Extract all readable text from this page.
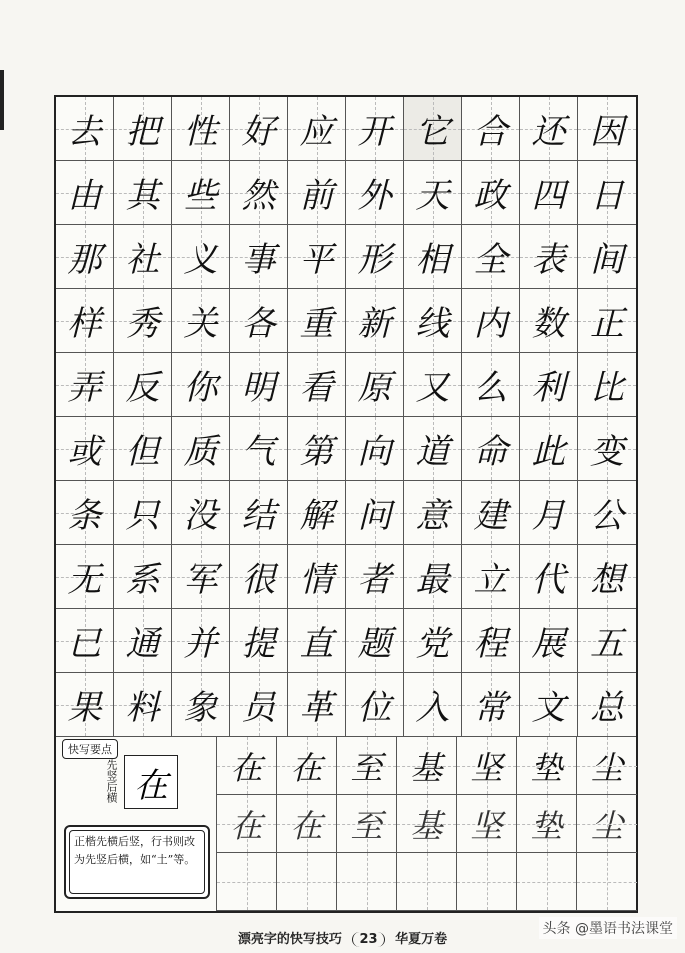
去 把 性 好 应 开 它 合 还 因
由 其 些 然 前 外 天 政 四 日
那 社 义 事 平 形 相 全 表 间
样 秀 关 各 重 新 线 内 数 正
弄 反 你 明 看 原 又 么 利 比
或 但 质 气 第 向 道 命 此 变
条 只 没 结 解 问 意 建 月 公
无 系 军 很 情 者 最 立 代 想
已 通 并 提 直 题 党 程 展 五
果 料 象 员 革 位 入 常 文 总
快写要点
先竖后横 在
正楷先横后竖，行书则改为先竖后横，如“土”等。
在 在 至 基 坚 垫 尘
在 在 至 基 坚 垫 尘
漂亮字的快写技巧 23 华夏万卷
头条 @墨语书法课堂
